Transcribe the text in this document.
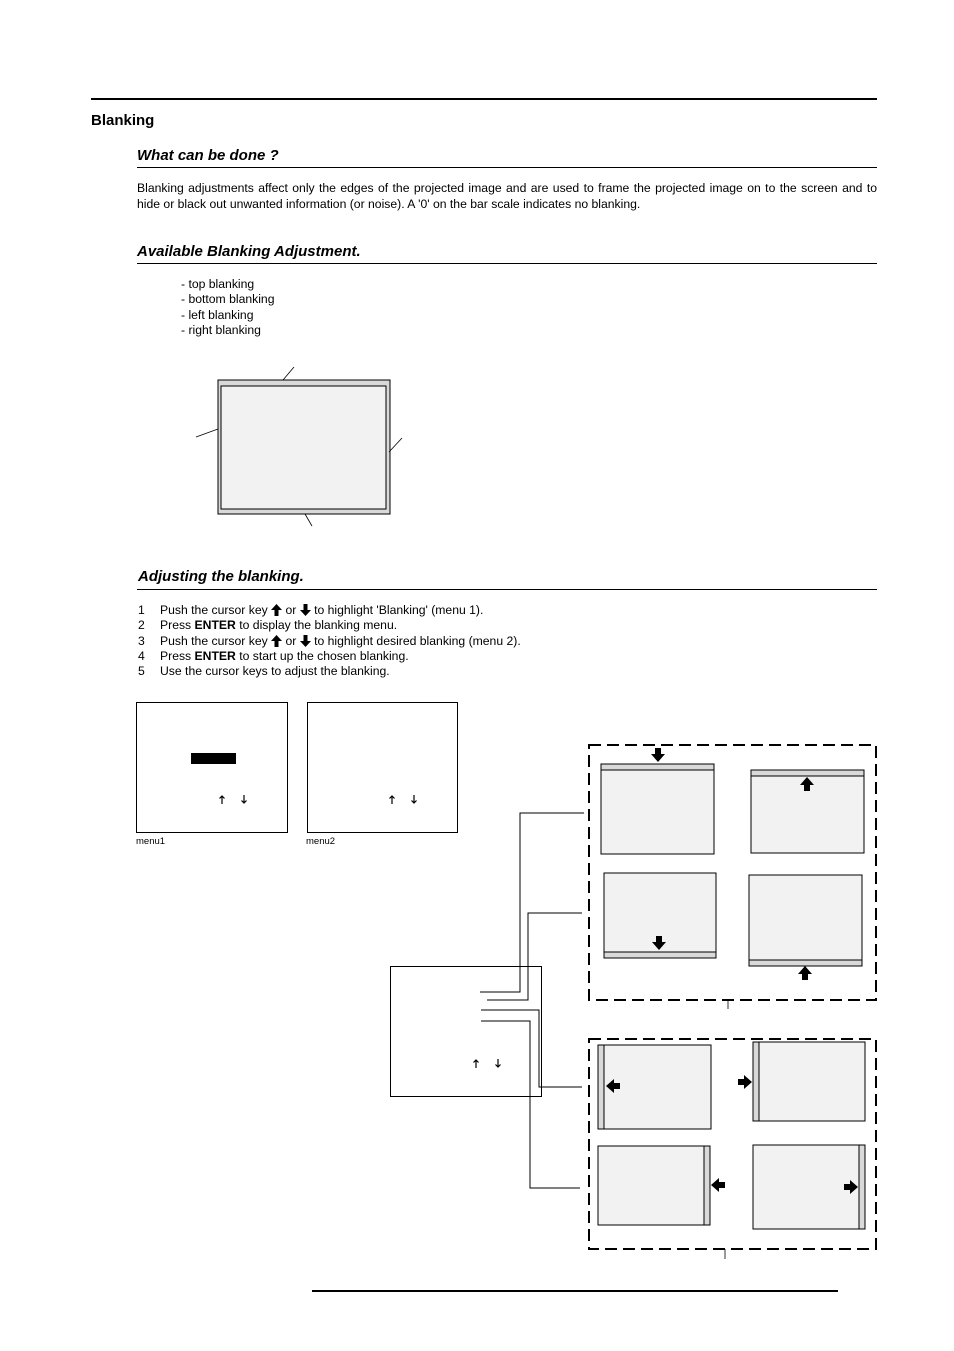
Blanking
What can be done ?
Blanking adjustments affect only the edges of the projected image and are used to frame the projected image on to the screen and to hide or black out unwanted information (or noise). A '0' on the bar scale indicates no blanking.
Available Blanking Adjustment.
- top blanking
- bottom blanking
- left blanking
- right blanking
Adjusting the blanking.
1 Push the cursor key  or  to highlight 'Blanking' (menu 1).
2 Press ENTER to display the blanking menu.
3 Push the cursor key  or  to highlight desired blanking (menu 2).
4 Press ENTER to start up the chosen blanking.
5 Use the cursor keys to adjust the blanking.
menu1	menu2
